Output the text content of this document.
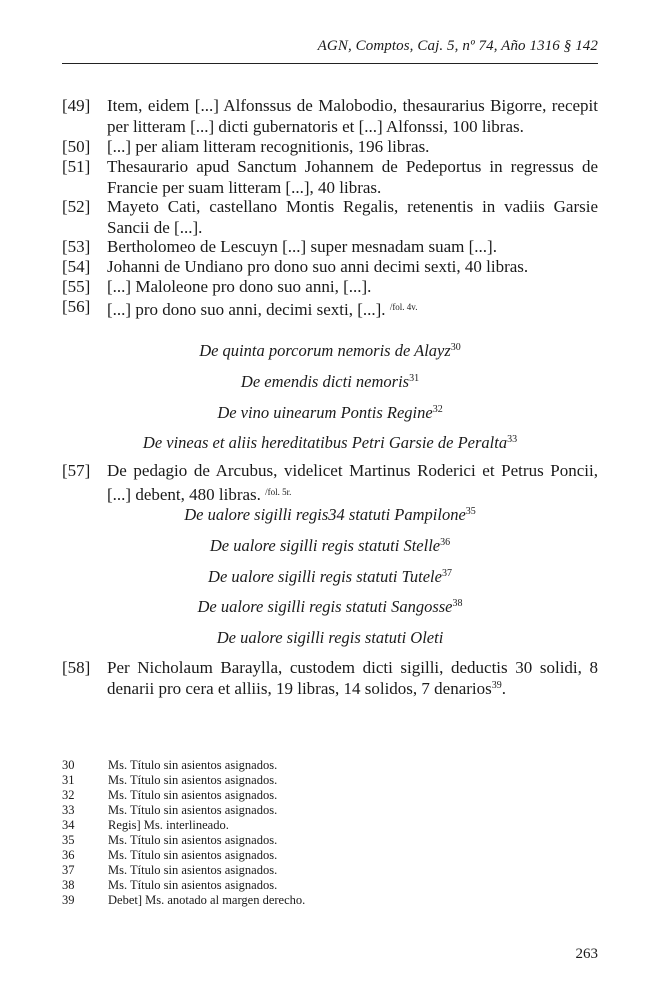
AGN, Comptos, Caj. 5, nº 74, Año 1316 § 142
[49] Item, eidem [...] Alfonssus de Malobodio, thesaurarius Bigorre, recepit per litteram [...] dicti gubernatoris et [...] Alfonssi, 100 libras.
[50] [...] per aliam litteram recognitionis, 196 libras.
[51] Thesaurario apud Sanctum Johannem de Pedeportus in regressus de Francie per suam litteram [...], 40 libras.
[52] Mayeto Cati, castellano Montis Regalis, retenentis in vadiis Garsie Sancii de [...].
[53] Bertholomeo de Lescuyn [...] super mesnadam suam [...].
[54] Johanni de Undiano pro dono suo anni decimi sexti, 40 libras.
[55] [...] Maloleone pro dono suo anni, [...].
[56] [...] pro dono suo anni, decimi sexti, [...]. $^{/fol. 4v.}$
De quinta porcorum nemoris de Alayz$^{30}$
De emendis dicti nemoris$^{31}$
De vino uinearum Pontis Regine$^{32}$
De vineas et aliis hereditatibus Petri Garsie de Peralta$^{33}$
[57] De pedagio de Arcubus, videlicet Martinus Roderici et Petrus Poncii,[...] debent, 480 libras. $^{/fol. 5r.}$
De ualore sigilli regis34 statuti Pampilone$^{35}$
De ualore sigilli regis statuti Stelle$^{36}$
De ualore sigilli regis statuti Tutele$^{37}$
De ualore sigilli regis statuti Sangosse$^{38}$
De ualore sigilli regis statuti Oleti
[58] Per Nicholaum Baraylla, custodem dicti sigilli, deductis 30 solidi, 8 denarii pro cera et alliis, 19 libras, 14 solidos, 7 denarios$^{39}$.
30	Ms. Título sin asientos asignados.
31	Ms. Título sin asientos asignados.
32	Ms. Título sin asientos asignados.
33	Ms. Título sin asientos asignados.
34	Regis] Ms. interlineado.
35	Ms. Título sin asientos asignados.
36	Ms. Título sin asientos asignados.
37	Ms. Título sin asientos asignados.
38	Ms. Título sin asientos asignados.
39	Debet] Ms. anotado al margen derecho.
263
